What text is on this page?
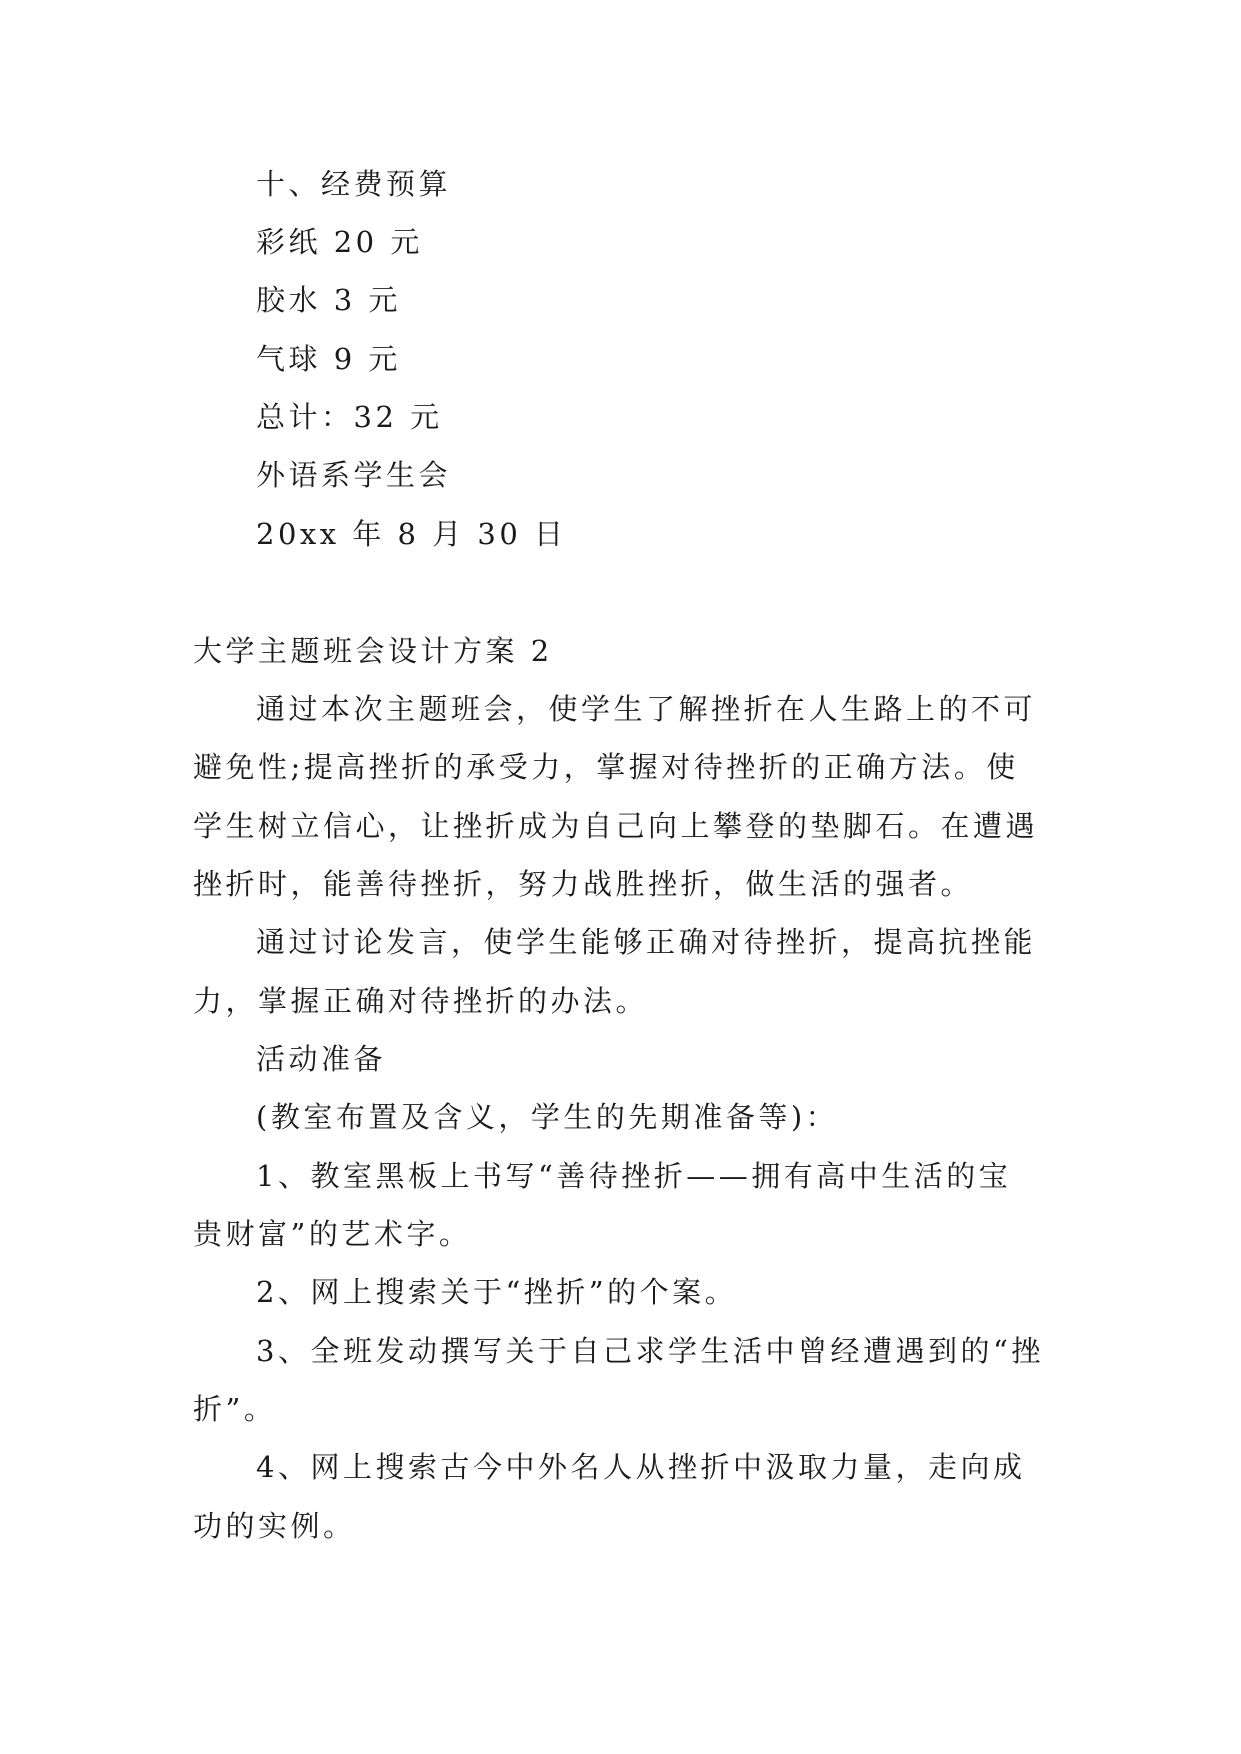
十、经费预算
彩纸 20 元
胶水 3 元
气球 9 元
总计：32 元
外语系学生会
20xx 年 8 月 30 日
大学主题班会设计方案 2
通过本次主题班会，使学生了解挫折在人生路上的不可
避免性;提高挫折的承受力，掌握对待挫折的正确方法。使
学生树立信心，让挫折成为自己向上攀登的垫脚石。在遭遇
挫折时，能善待挫折，努力战胜挫折，做生活的强者。
通过讨论发言，使学生能够正确对待挫折，提高抗挫能
力，掌握正确对待挫折的办法。
活动准备
(教室布置及含义，学生的先期准备等)：
1、教室黑板上书写“善待挫折——拥有高中生活的宝
贵财富”的艺术字。
2、网上搜索关于“挫折”的个案。
3、全班发动撰写关于自己求学生活中曾经遭遇到的“挫
折”。
4、网上搜索古今中外名人从挫折中汲取力量，走向成
功的实例。
